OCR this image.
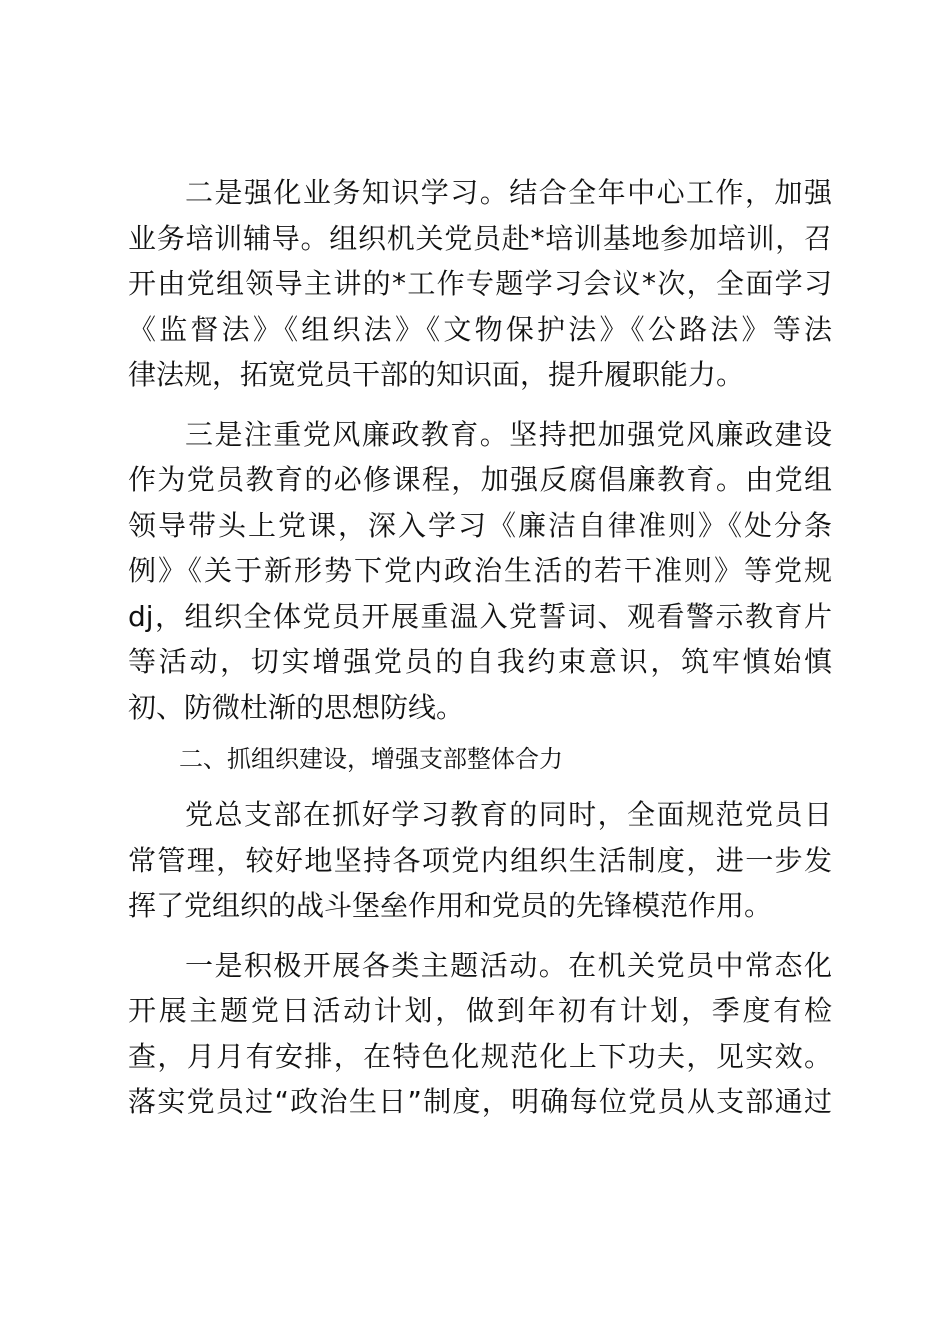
二是强化业务知识学习。结合全年中心工作，加强
业务培训辅导。组织机关党员赴*培训基地参加培训，召
开由党组领导主讲的*工作专题学习会议*次，全面学习
《监督法》《组织法》《文物保护法》《公路法》等法
律法规，拓宽党员干部的知识面，提升履职能力。

三是注重党风廉政教育。坚持把加强党风廉政建设
作为党员教育的必修课程，加强反腐倡廉教育。由党组
领导带头上党课，深入学习《廉洁自律准则》《处分条
例》《关于新形势下党内政治生活的若干准则》等党规
dj，组织全体党员开展重温入党誓词、观看警示教育片
等活动，切实增强党员的自我约束意识，筑牢慎始慎
初、防微杜渐的思想防线。

二、抓组织建设，增强支部整体合力

党总支部在抓好学习教育的同时，全面规范党员日
常管理，较好地坚持各项党内组织生活制度，进一步发
挥了党组织的战斗堡垒作用和党员的先锋模范作用。

一是积极开展各类主题活动。在机关党员中常态化
开展主题党日活动计划，做到年初有计划，季度有检
查，月月有安排，在特色化规范化上下功夫，见实效。
落实党员过“政治生日”制度，明确每位党员从支部通过
